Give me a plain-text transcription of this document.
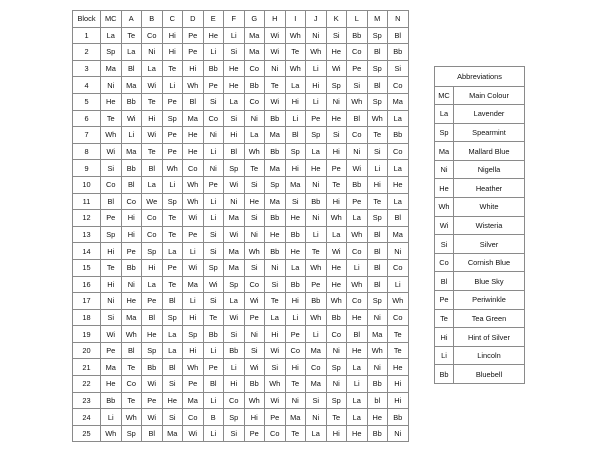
Block	MC	A	B	C	D	E	F	G	H	I	J	K	L	M	N
1	La	Te	Co	Hi	Pe	He	Li	Ma	Wi	Wh	Ni	Si	Bb	Sp	Bl
2	Sp	La	Ni	Hi	Pe	Li	Si	Ma	Wi	Te	Wh	He	Co	Bl	Bb
3	Ma	Bl	La	Te	Hi	Bb	He	Co	Ni	Wh	Li	Wi	Pe	Sp	Si
4	Ni	Ma	Wi	Li	Wh	Pe	He	Bb	Te	La	Hi	Sp	Si	Bl	Co
5	He	Bb	Te	Pe	Bl	Si	La	Co	Wi	Hi	Li	Ni	Wh	Sp	Ma
6	Te	Wi	Hi	Sp	Ma	Co	Si	Ni	Bb	Li	Pe	He	Bl	Wh	La
7	Wh	Li	Wi	Pe	He	Ni	Hi	La	Ma	Bl	Sp	Si	Co	Te	Bb
8	Wi	Ma	Te	Pe	He	Li	Bl	Wh	Bb	Sp	La	Hi	Ni	Si	Co
9	Si	Bb	Bl	Wh	Co	Ni	Sp	Te	Ma	Hi	He	Pe	Wi	Li	La
10	Co	Bl	La	Li	Wh	Pe	Wi	Si	Sp	Ma	Ni	Te	Bb	Hi	He
11	Bl	Co	We	Sp	Wh	Li	Ni	He	Ma	Si	Bb	Hi	Pe	Te	La
12	Pe	Hi	Co	Te	Wi	Li	Ma	Si	Bb	He	Ni	Wh	La	Sp	Bl
13	Sp	Hi	Co	Te	Pe	Si	Wi	Ni	He	Bb	Li	La	Wh	Bl	Ma
14	Hi	Pe	Sp	La	Li	Si	Ma	Wh	Bb	He	Te	Wi	Co	Bl	Ni
15	Te	Bb	Hi	Pe	Wi	Sp	Ma	Si	Ni	La	Wh	He	Li	Bl	Co
16	Hi	Ni	La	Te	Ma	Wi	Sp	Co	Si	Bb	Pe	He	Wh	Bl	Li
17	Ni	He	Pe	Bl	Li	Si	La	Wi	Te	Hi	Bb	Wh	Co	Sp	Wh
18	Si	Ma	Bl	Sp	Hi	Te	Wi	Pe	La	Li	Wh	Bb	He	Ni	Co
19	Wi	Wh	He	La	Sp	Bb	Si	Ni	Hi	Pe	Li	Co	Bl	Ma	Te
20	Pe	Bl	Sp	La	Hi	Li	Bb	Si	Wi	Co	Ma	Ni	He	Wh	Te
21	Ma	Te	Bb	Bl	Wh	Pe	Li	Wi	Si	Hi	Co	Sp	La	Ni	He
22	He	Co	Wi	Si	Pe	Bl	Hi	Bb	Wh	Te	Ma	Ni	Li	Bb	Hi
23	Bb	Te	Pe	He	Ma	Li	Co	Wh	Wi	Ni	Si	Sp	La	bl	Hi
24	Li	Wh	Wi	Si	Co	B	Sp	Hi	Pe	Ma	Ni	Te	La	He	Bb
25	Wh	Sp	Bl	Ma	Wi	Li	Si	Pe	Co	Te	La	Hi	He	Bb	Ni
Abbreviations	
MC	Main Colour
La	Lavender
Sp	Spearmint
Ma	Mallard Blue
Ni	Nigella
He	Heather
Wh	White
Wi	Wisteria
Si	Silver
Co	Cornish Blue
Bl	Blue Sky
Pe	Periwinkle
Te	Tea Green
Hi	Hint of Silver
Li	Lincoln
Bb	Bluebell
